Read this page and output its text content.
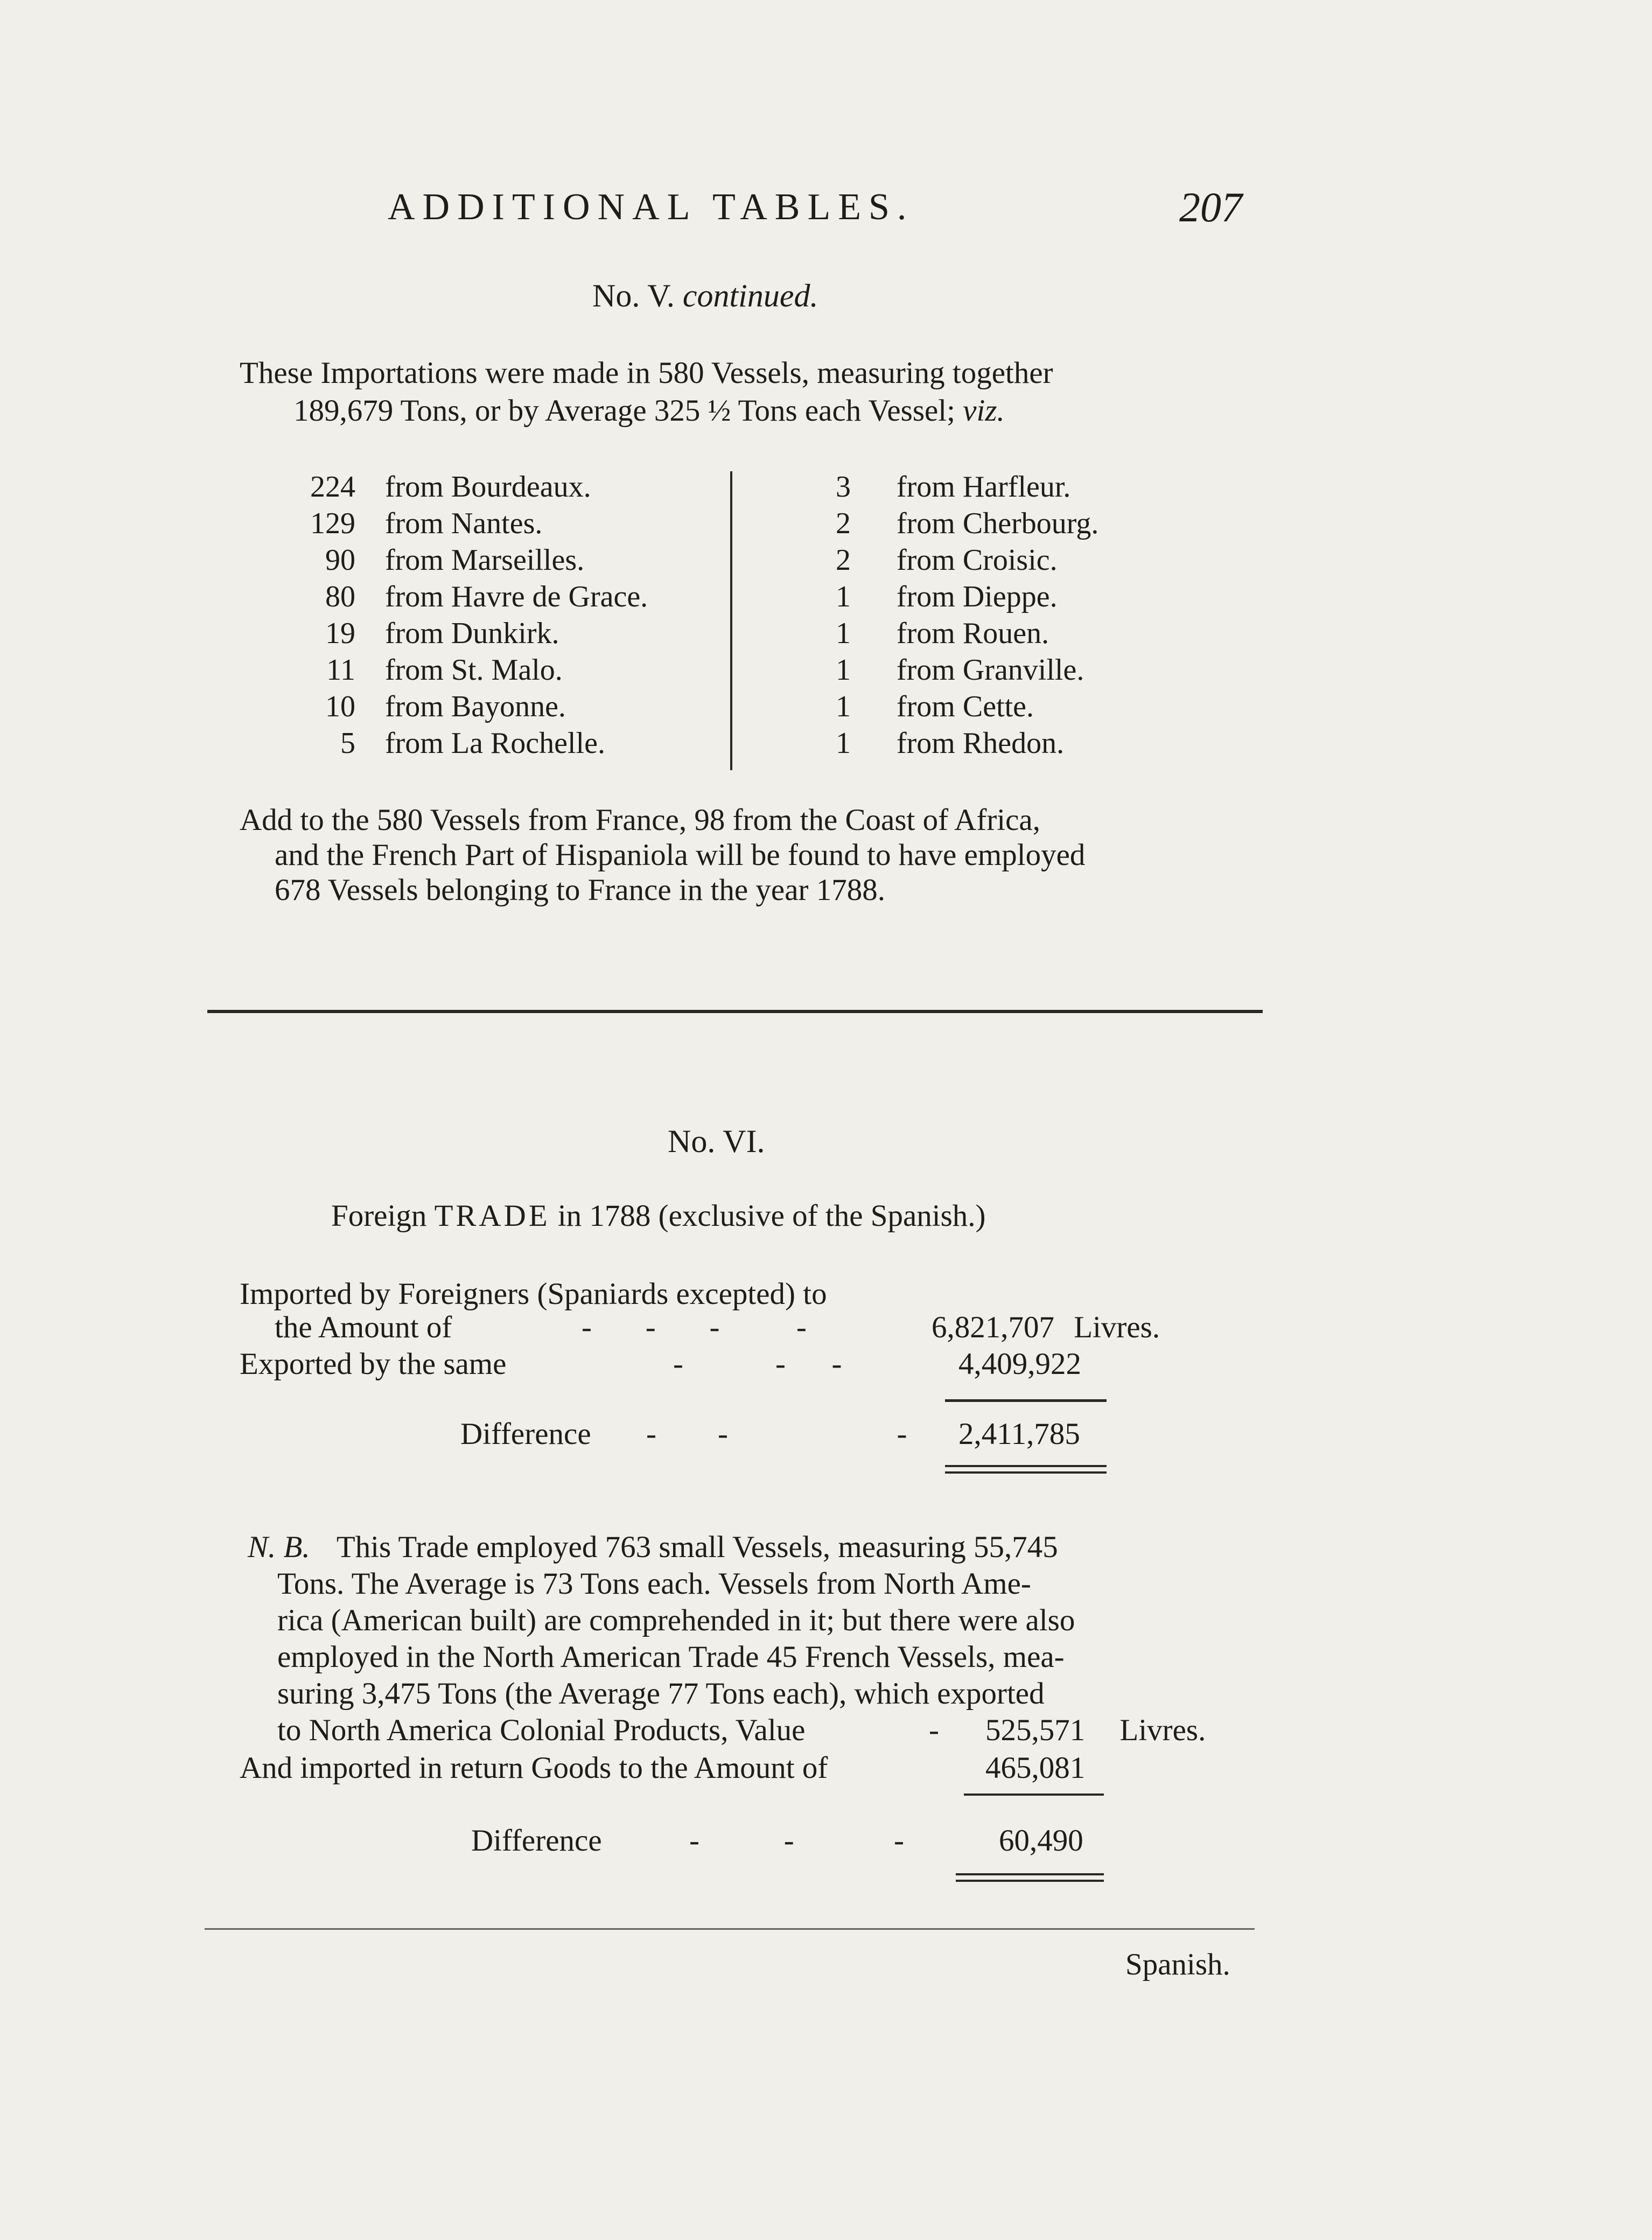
ADDITIONAL TABLES.	207
No. V. continued.
These Importations were made in 580 Vessels, measuring together
189,679 Tons, or by Average 325 ½ Tons each Vessel; viz.
224 from Bourdeaux.
129 from Nantes.
90 from Marseilles.
80 from Havre de Grace.
19 from Dunkirk.
11 from St. Malo.
10 from Bayonne.
5 from La Rochelle.
3 from Harfleur.
2 from Cherbourg.
2 from Croisic.
1 from Dieppe.
1 from Rouen.
1 from Granville.
1 from Cette.
1 from Rhedon.
Add to the 580 Vessels from France, 98 from the Coast of Africa,
and the French Part of Hispaniola will be found to have employed
678 Vessels belonging to France in the year 1788.
No. VI.
Foreign TRADE in 1788 (exclusive of the Spanish.)
Imported by Foreigners (Spaniards excepted) to
the Amount of	-       -       -          -	6,821,707 Livres.
Exported by the same	-            -      -	4,409,922
Difference -        -                      - 2,411,785
N. B. This Trade employed 763 small Vessels, measuring 55,745
Tons. The Average is 73 Tons each. Vessels from North Ame-
rica (American built) are comprehended in it; but there were also
employed in the North American Trade 45 French Vessels, mea-
suring 3,475 Tons (the Average 77 Tons each), which exported
to North America Colonial Products, Value	- 525,571 Livres.
And imported in return Goods to the Amount of	465,081
Difference	-           -             -	60,490
Spanish.
